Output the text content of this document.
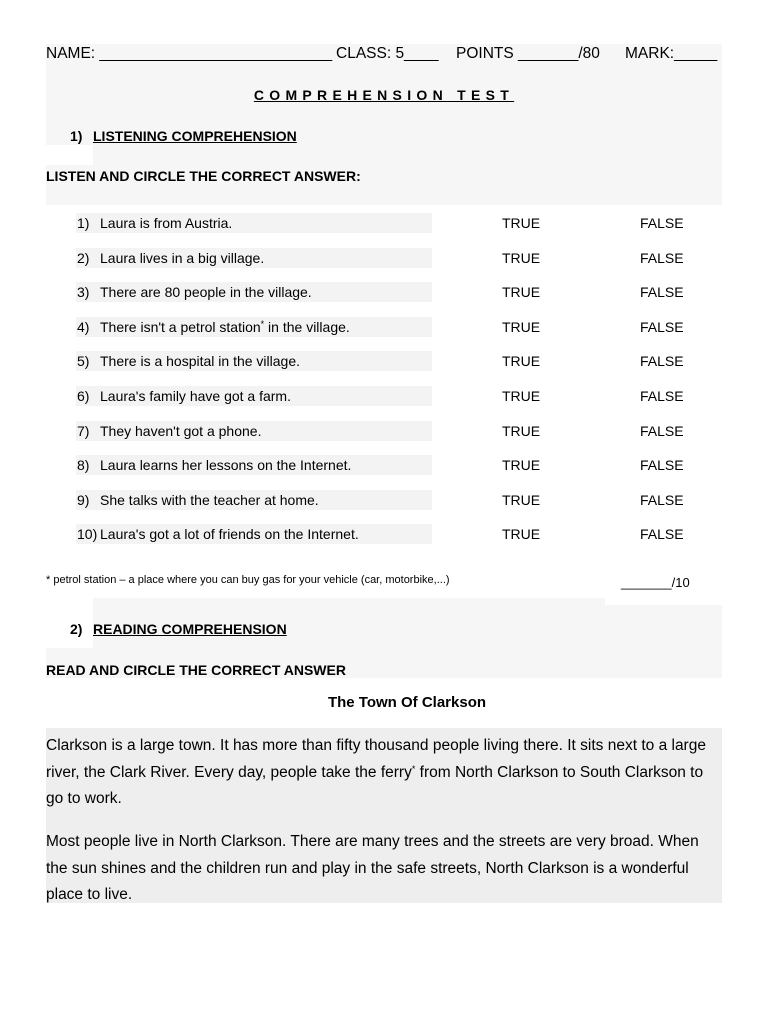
NAME: ___________________________ CLASS: 5____ POINTS _______/80 MARK:_____
COMPREHENSION TEST
1) LISTENING COMPREHENSION
LISTEN AND CIRCLE THE CORRECT ANSWER:
1) Laura is from Austria.	TRUE	FALSE
2) Laura lives in a big village.	TRUE	FALSE
3) There are 80 people in the village.	TRUE	FALSE
4) There isn't a petrol station* in the village.	TRUE	FALSE
5) There is a hospital in the village.	TRUE	FALSE
6) Laura's family have got a farm.	TRUE	FALSE
7) They haven't got a phone.	TRUE	FALSE
8) Laura learns her lessons on the Internet.	TRUE	FALSE
9) She talks with the teacher at home.	TRUE	FALSE
10) Laura's got a lot of friends on the Internet.	TRUE	FALSE
* petrol station – a place where you can buy gas for your vehicle (car, motorbike,...)	_______/10
2) READING COMPREHENSION
READ AND CIRCLE THE CORRECT ANSWER
The Town Of Clarkson
Clarkson is a large town. It has more than fifty thousand people living there. It sits next to a large
river, the Clark River. Every day, people take the ferry* from North Clarkson to South Clarkson to
go to work.
Most people live in North Clarkson. There are many trees and the streets are very broad. When
the sun shines and the children run and play in the safe streets, North Clarkson is a wonderful
place to live.
